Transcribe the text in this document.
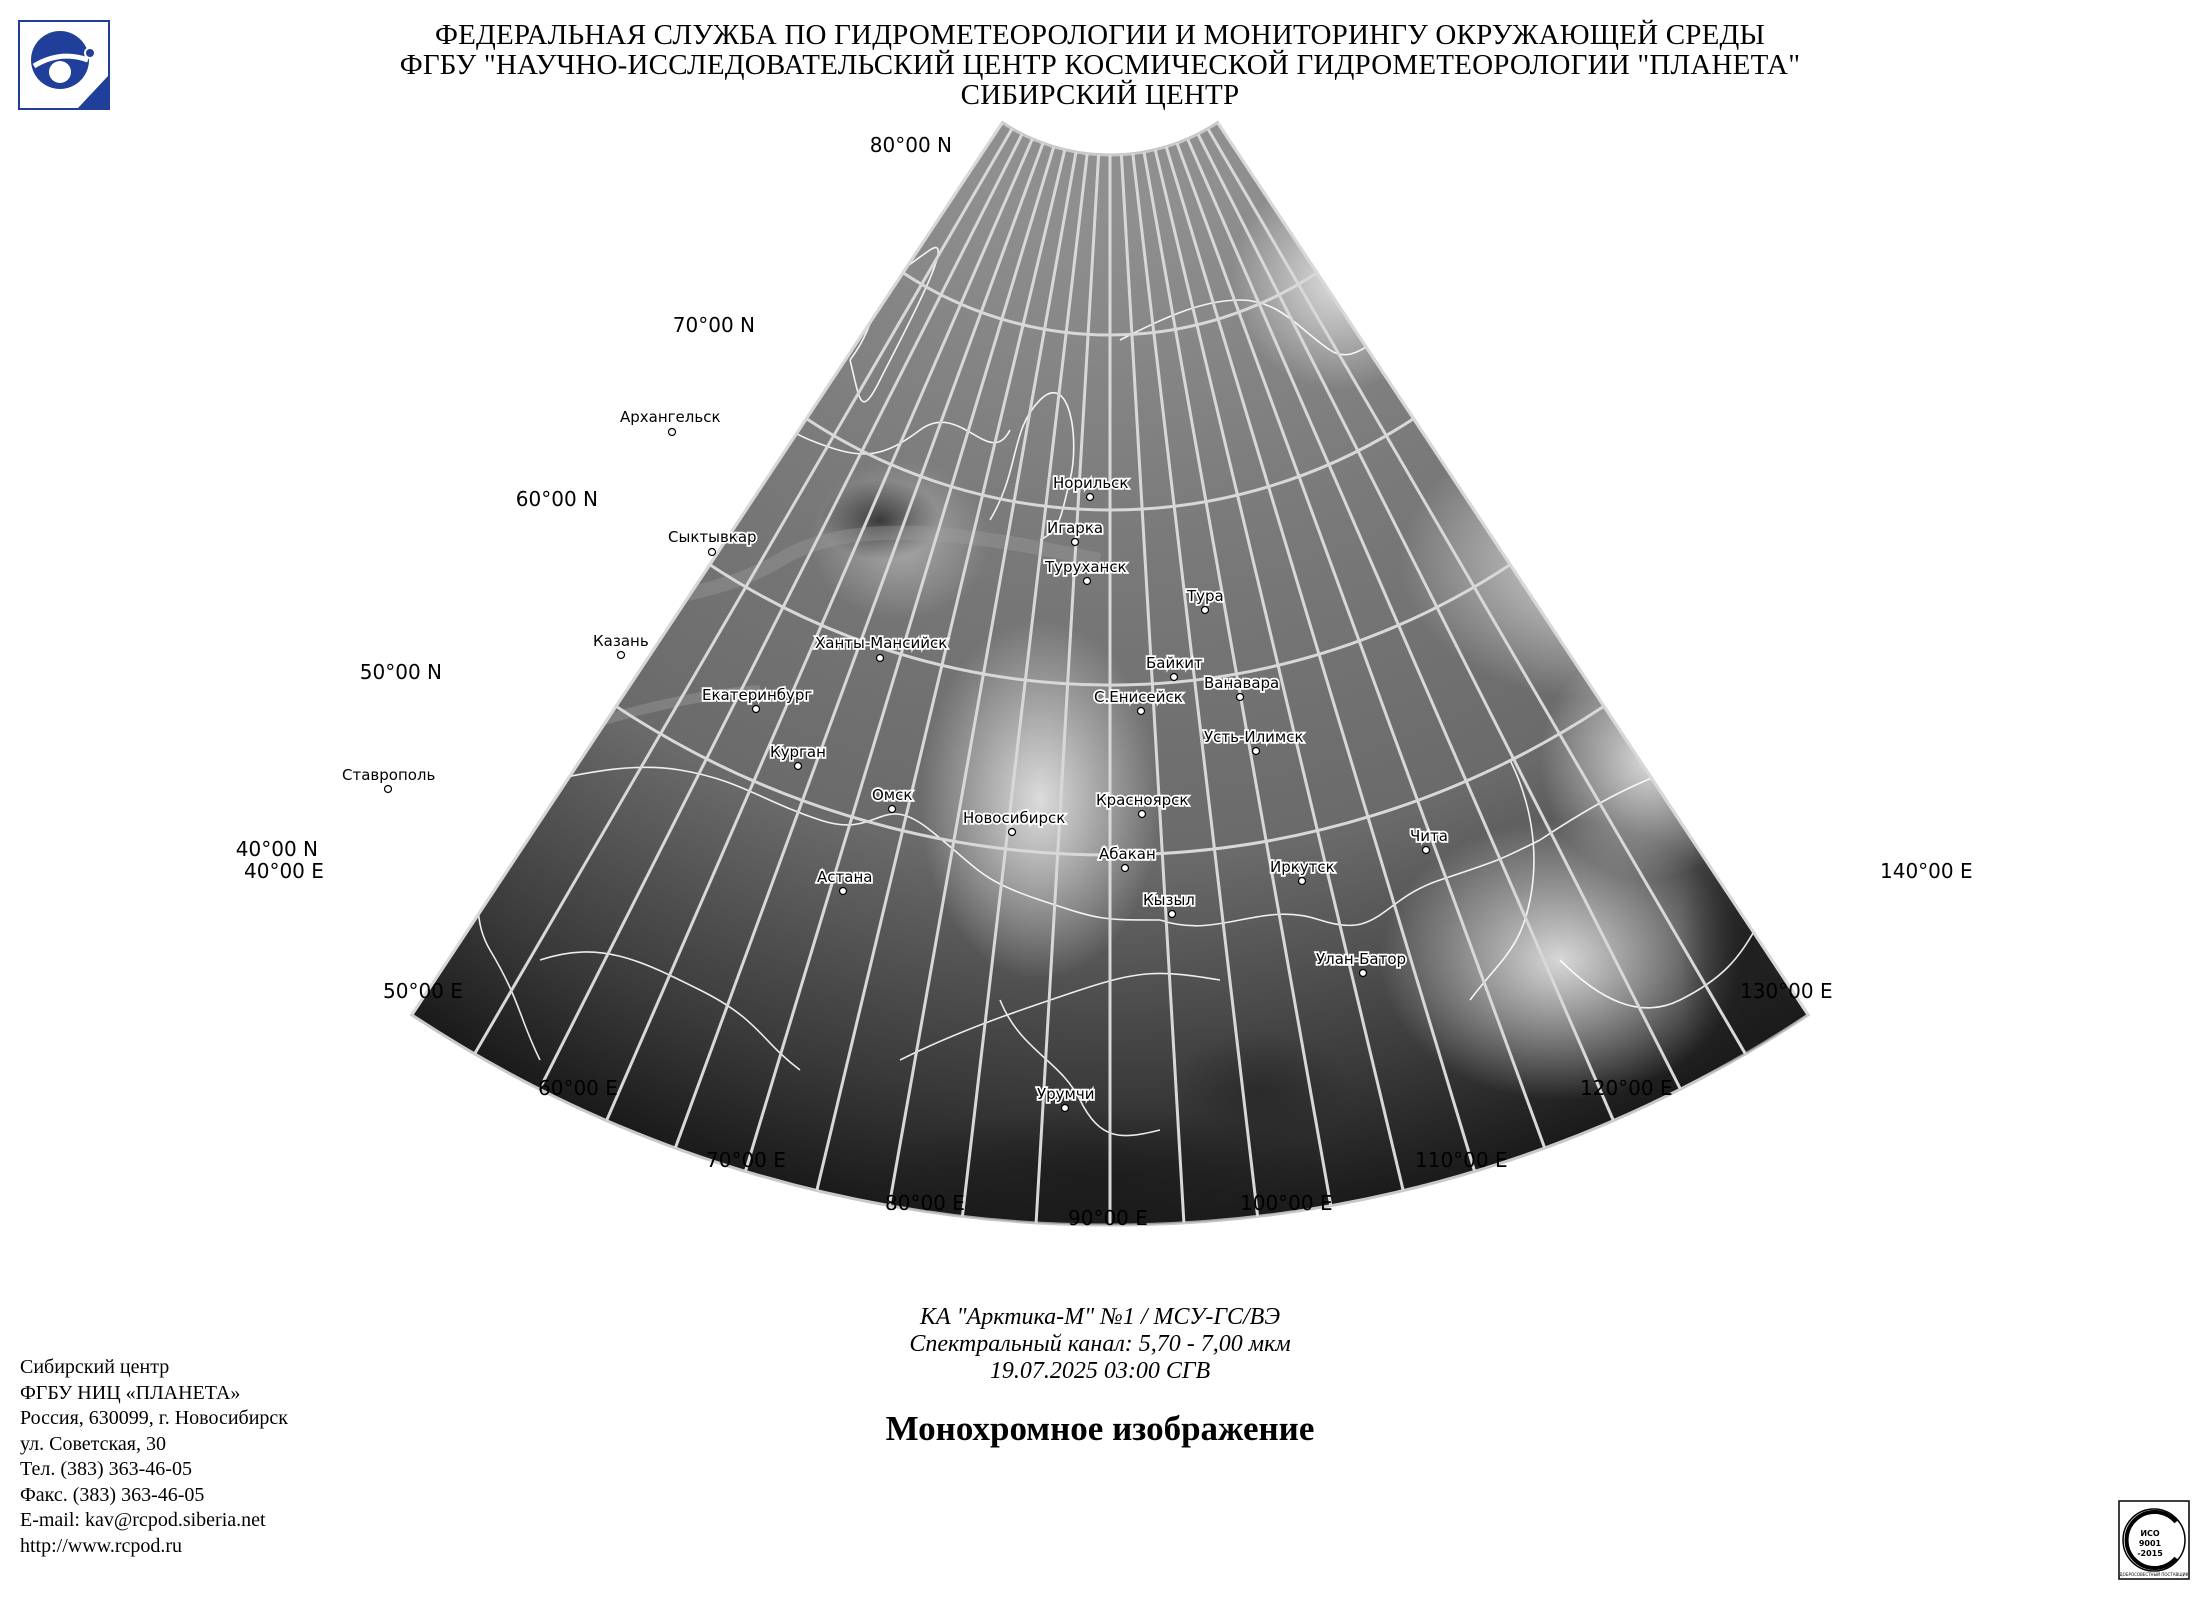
ФЕДЕРАЛЬНАЯ СЛУЖБА ПО ГИДРОМЕТЕОРОЛОГИИ И МОНИТОРИНГУ ОКРУЖАЮЩЕЙ СРЕДЫ
ФГБУ "НАУЧНО-ИССЛЕДОВАТЕЛЬСКИЙ ЦЕНТР КОСМИЧЕСКОЙ ГИДРОМЕТЕОРОЛОГИИ "ПЛАНЕТА"
СИБИРСКИЙ ЦЕНТР
Архангельск
Сыктывкар
Казань	Ханты-Мансийск
Екатеринбург
Курган
Ставрополь
Омск
Новосибирск
Астана
Норильск
Игарка
Туруханск
Тура
Байкит
Ванавара
С.Енисейск
Усть-Илимск
Красноярск
Абакан
Кызыл
Иркутск
Чита
Улан-Батор
Урумчи
80°00 N
70°00 N
60°00 N
50°00 N
40°00 N
40°00 E
50°00 E
60°00 E
70°00 E
80°00 E
90°00 E
100°00 E
110°00 E
120°00 E
130°00 E
140°00 E
КА "Арктика-М" №1 / МСУ-ГС/ВЭ
Спектральный канал: 5,70 - 7,00 мкм
19.07.2025 03:00 СГВ
Монохромное изображение
Сибирский центр
ФГБУ НИЦ «ПЛАНЕТА»
Россия, 630099, г. Новосибирск
ул. Советская, 30
Тел. (383) 363-46-05
Факс. (383) 363-46-05
E-mail: kav@rcpod.siberia.net
http://www.rcpod.ru
ИСО
9001
-2015
ДОБРОСОВЕСТНЫЙ ПОСТАВЩИК
